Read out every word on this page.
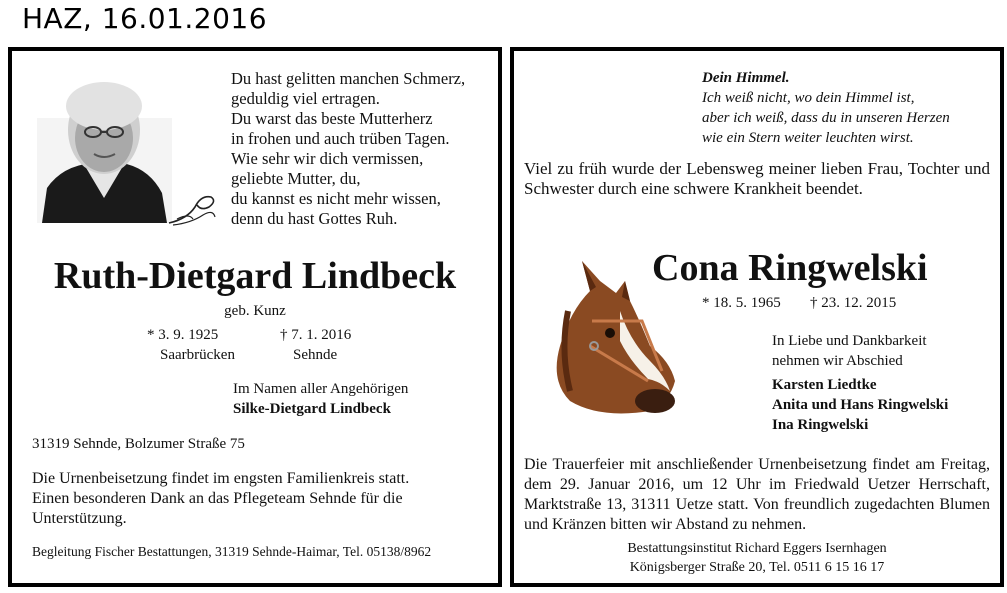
HAZ, 16.01.2016
Du hast gelitten manchen Schmerz,
geduldig viel ertragen.
Du warst das beste Mutterherz
in frohen und auch trüben Tagen.
Wie sehr wir dich vermissen,
geliebte Mutter, du,
du kannst es nicht mehr wissen,
denn du hast Gottes Ruh.
Ruth-Dietgard Lindbeck
geb. Kunz
* 3. 9. 1925	† 7. 1. 2016
Saarbrücken	Sehnde
Im Namen aller Angehörigen
Silke-Dietgard Lindbeck
31319 Sehnde, Bolzumer Straße 75
Die Urnenbeisetzung findet im engsten Familienkreis statt.
Einen besonderen Dank an das Pflegeteam Sehnde für die
Unterstützung.
Begleitung Fischer Bestattungen, 31319 Sehnde-Haimar, Tel. 05138/8962
Dein Himmel.
Ich weiß nicht, wo dein Himmel ist,
aber ich weiß, dass du in unseren Herzen
wie ein Stern weiter leuchten wirst.
Viel zu früh wurde der Lebensweg meiner lieben Frau, Tochter und Schwester durch eine schwere Krankheit beendet.
Cona Ringwelski
* 18. 5. 1965 † 23. 12. 2015
In Liebe und Dankbarkeit
nehmen wir Abschied
Karsten Liedtke
Anita und Hans Ringwelski
Ina Ringwelski
Die Trauerfeier mit anschließender Urnenbeisetzung findet am Freitag, dem 29. Januar 2016, um 12 Uhr im Friedwald Uetzer Herrschaft, Marktstraße 13, 31311 Uetze statt. Von freundlich zugedachten Blumen und Kränzen bitten wir Abstand zu nehmen.
Bestattungsinstitut Richard Eggers Isernhagen
Königsberger Straße 20, Tel. 0511 6 15 16 17
